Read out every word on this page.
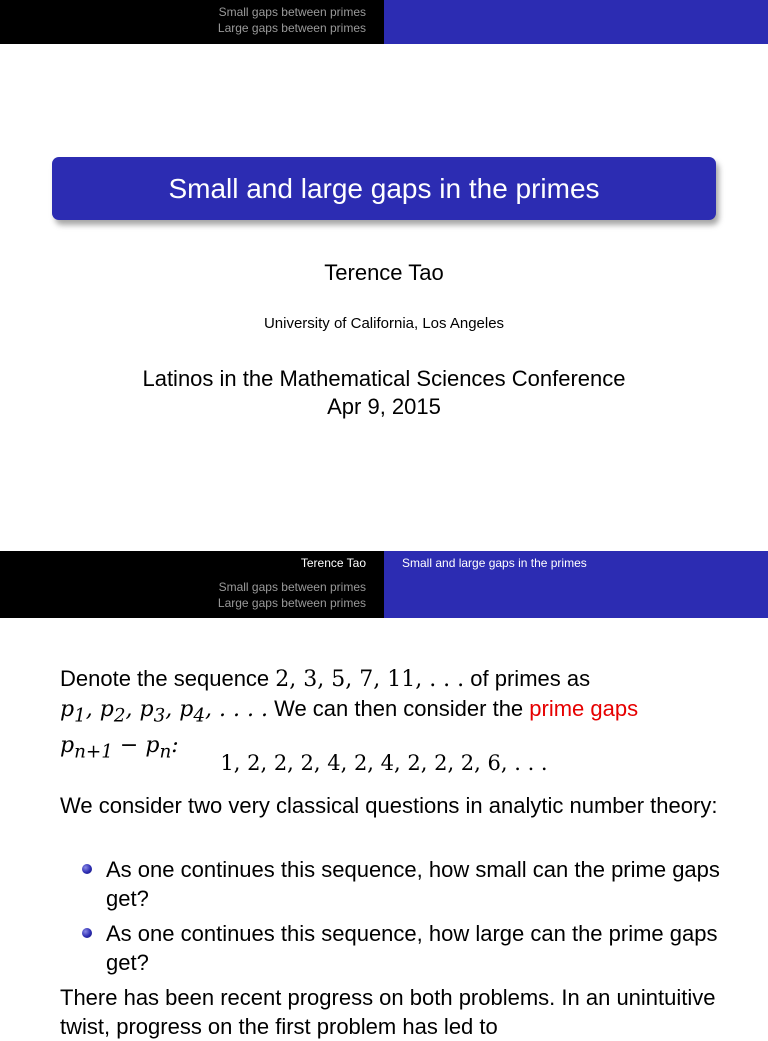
Small gaps between primes
Large gaps between primes
Small and large gaps in the primes
Terence Tao
University of California, Los Angeles
Latinos in the Mathematical Sciences Conference
Apr 9, 2015
Terence Tao	Small and large gaps in the primes
Small gaps between primes
Large gaps between primes
Denote the sequence 2, 3, 5, 7, 11, . . . of primes as
$p_1$, $p_2$, $p_3$, $p_4$, . . . . We can then consider the prime gaps
$p_{n+1} - p_n$:
1, 2, 2, 2, 4, 2, 4, 2, 2, 2, 6, . . .
We consider two very classical questions in analytic number theory:
As one continues this sequence, how small can the prime gaps get?
As one continues this sequence, how large can the prime gaps get?
There has been recent progress on both problems. In an unintuitive twist, progress on the first problem has led to
